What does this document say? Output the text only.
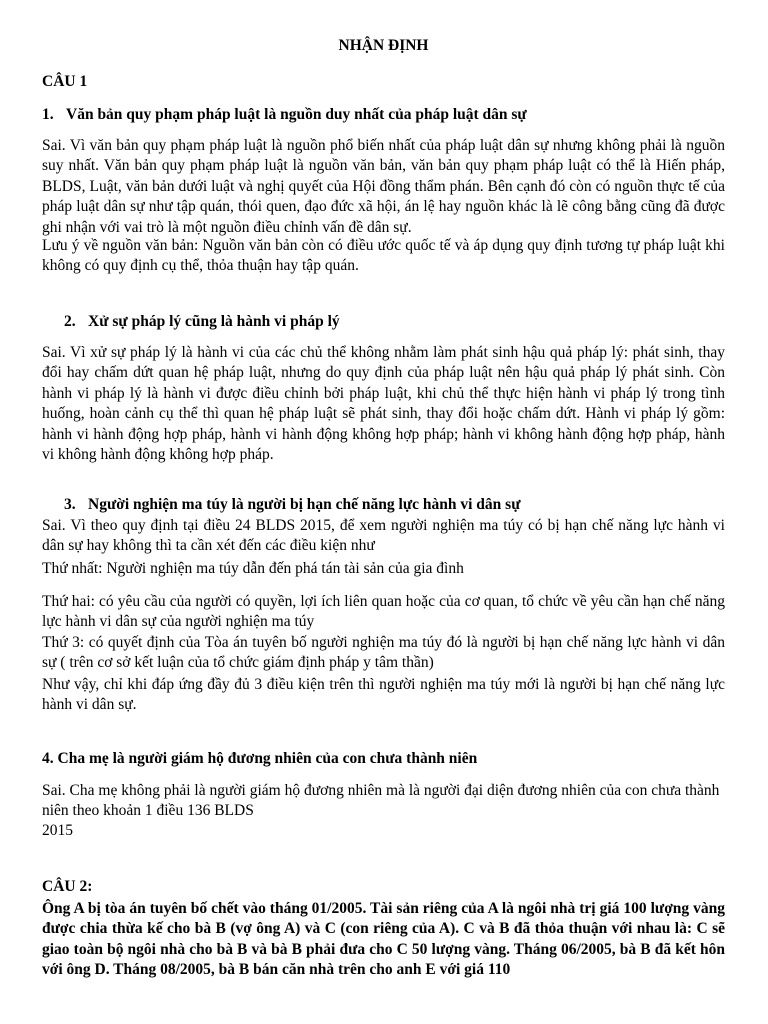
NHẬN ĐỊNH

CÂU 1

1. Văn bản quy phạm pháp luật là nguồn duy nhất của pháp luật dân sự

Sai. Vì văn bản quy phạm pháp luật là nguồn phổ biến nhất của pháp luật dân sự nhưng không phải là nguồn suy nhất. Văn bản quy phạm pháp luật là nguồn văn bản, văn bản quy phạm pháp luật có thể là Hiến pháp, BLDS, Luật, văn bản dưới luật và nghị quyết của Hội đồng thẩm phán. Bên cạnh đó còn có nguồn thực tế của pháp luật dân sự như tập quán, thói quen, đạo đức xã hội, án lệ hay nguồn khác là lẽ công bằng cũng đã được ghi nhận với vai trò là một nguồn điều chỉnh vấn đề dân sự.

Lưu ý về nguồn văn bản: Nguồn văn bản còn có điều ước quốc tế và áp dụng quy định tương tự pháp luật khi không có quy định cụ thể, thỏa thuận hay tập quán.

2. Xử sự pháp lý cũng là hành vi pháp lý

Sai. Vì xử sự pháp lý là hành vi của các chủ thể không nhằm làm phát sinh hậu quả pháp lý: phát sinh, thay đổi hay chấm dứt quan hệ pháp luật, nhưng do quy định của pháp luật nên hậu quả pháp lý phát sinh. Còn hành vi pháp lý là hành vi được điều chỉnh bởi pháp luật, khi chủ thể thực hiện hành vi pháp lý trong tình huống, hoàn cảnh cụ thể thì quan hệ pháp luật sẽ phát sinh, thay đổi hoặc chấm dứt. Hành vi pháp lý gồm: hành vi hành động hợp pháp, hành vi hành động không hợp pháp; hành vi không hành động hợp pháp, hành vi không hành động không hợp pháp.

3. Người nghiện ma túy là người bị hạn chế năng lực hành vi dân sự

Sai. Vì theo quy định tại điều 24 BLDS 2015, để xem người nghiện ma túy có bị hạn chế năng lực hành vi dân sự hay không thì ta cần xét đến các điều kiện như

Thứ nhất: Người nghiện ma túy dẫn đến phá tán tài sản của gia đình

Thứ hai: có yêu cầu của người có quyền, lợi ích liên quan hoặc của cơ quan, tổ chức về yêu cần hạn chế năng lực hành vi dân sự của người nghiện ma túy

Thứ 3: có quyết định của Tòa án tuyên bố người nghiện ma túy đó là người bị hạn chế năng lực hành vi dân sự ( trên cơ sở kết luận của tổ chức giám định pháp y tâm thần)

Như vậy, chỉ khi đáp ứng đầy đủ 3 điều kiện trên thì người nghiện ma túy mới là người bị hạn chế năng lực hành vi dân sự.

4. Cha mẹ là người giám hộ đương nhiên của con chưa thành niên

Sai. Cha mẹ không phải là người giám hộ đương nhiên mà là người đại diện đương nhiên của con chưa thành niên theo khoản 1 điều 136 BLDS

2015

CÂU 2:

Ông A bị tòa án tuyên bố chết vào tháng 01/2005. Tài sản riêng của A là ngôi nhà trị giá 100 lượng vàng được chia thừa kế cho bà B (vợ ông A) và C (con riêng của A). C và B đã thỏa thuận với nhau là: C sẽ giao toàn bộ ngôi nhà cho bà B và bà B phải đưa cho C 50 lượng vàng. Tháng 06/2005, bà B đã kết hôn với ông D. Tháng 08/2005, bà B bán căn nhà trên cho anh E với giá 110
